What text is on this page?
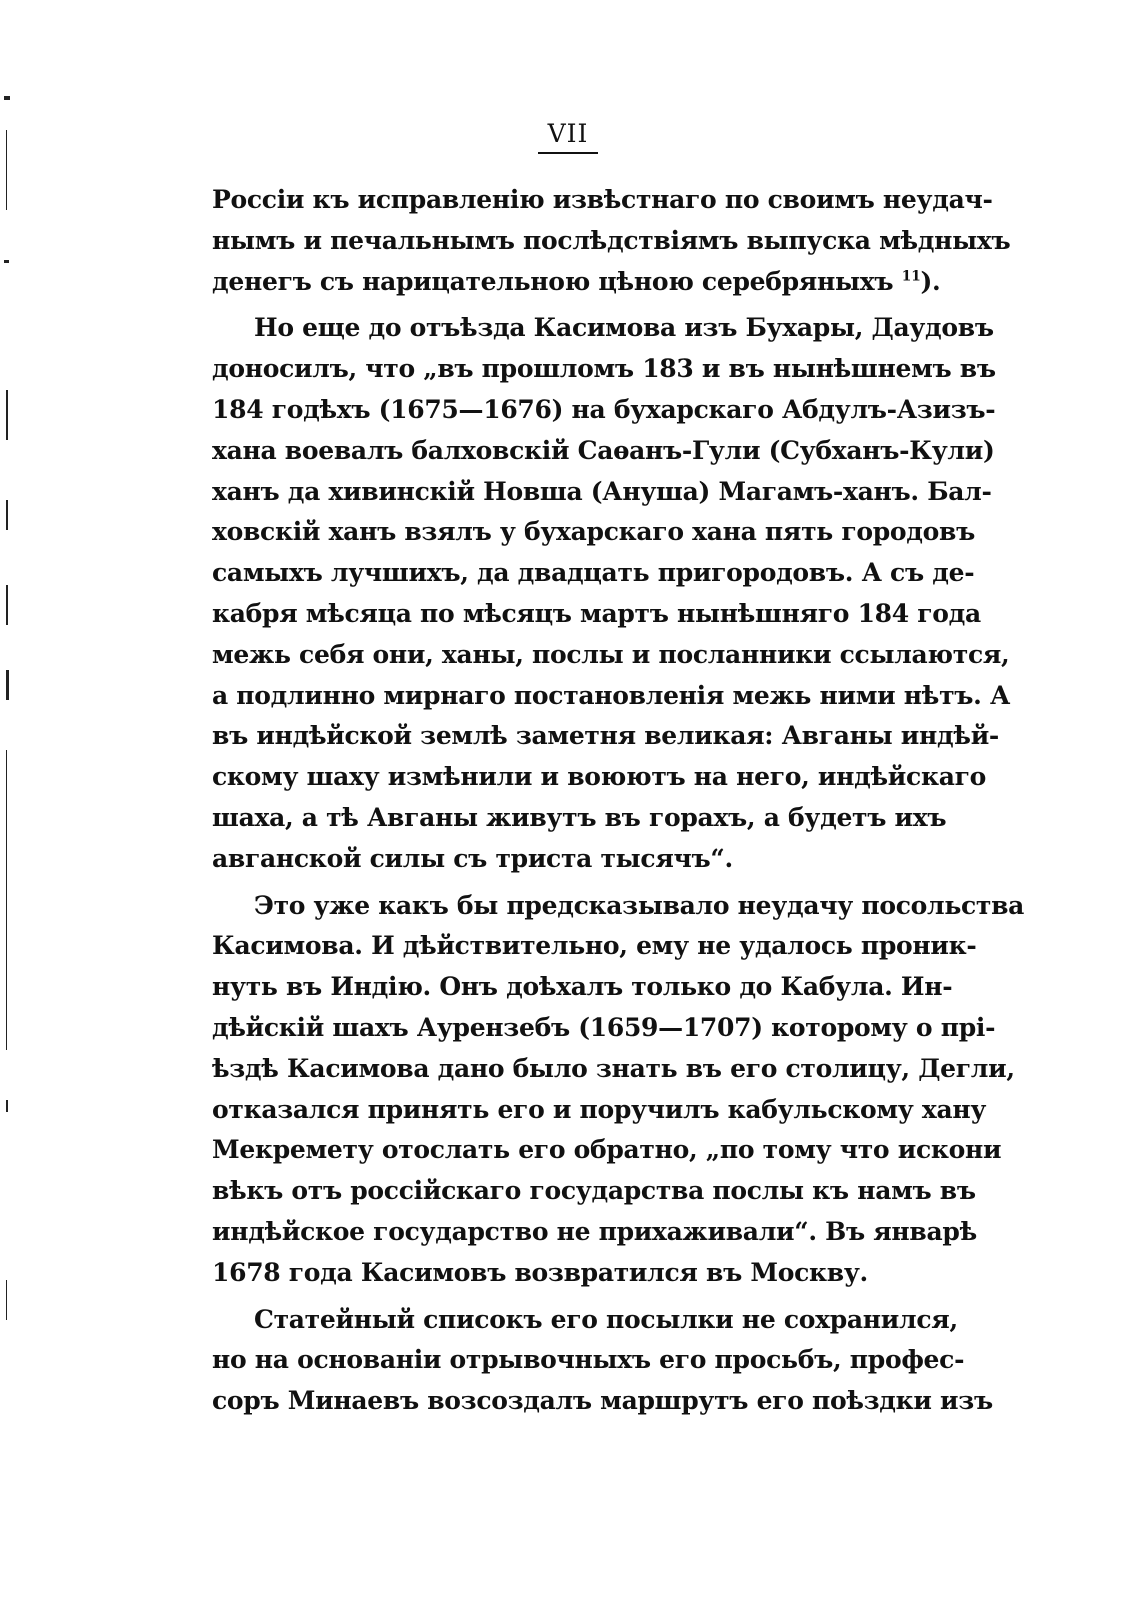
VII
Россіи къ исправленію извѣстнаго по своимъ неудач-
нымъ и печальнымъ послѣдствіямъ выпуска мѣдныхъ
денегъ съ нарицательною цѣною серебряныхъ $^{11}$).
Но еще до отъѣзда Касимова изъ Бухары, Даудовъ
доносилъ, что „въ прошломъ 183 и въ нынѣшнемъ въ
184 годѣхъ (1675—1676) на бухарскаго Абдулъ-Азизъ-
хана воевалъ балховскій Саѳанъ-Гули (Субханъ-Кули)
ханъ да хивинскій Новша (Ануша) Магамъ-ханъ. Бал-
ховскій ханъ взялъ у бухарскаго хана пять городовъ
самыхъ лучшихъ, да двадцать пригородовъ. А съ де-
кабря мѣсяца по мѣсяцъ мартъ нынѣшняго 184 года
межь себя они, ханы, послы и посланники ссылаются,
а подлинно мирнаго постановленія межь ними нѣтъ. А
въ индѣйской землѣ заметня великая: Авганы индѣй-
скому шаху измѣнили и воюютъ на него, индѣйскаго
шаха, а тѣ Авганы живутъ въ горахъ, а будетъ ихъ
авганской силы съ триста тысячъ“.
Это уже какъ бы предсказывало неудачу посольства
Касимова. И дѣйствительно, ему не удалось проник-
нуть въ Индію. Онъ доѣхалъ только до Кабула. Ин-
дѣйскій шахъ Аурензебъ (1659—1707) которому о прі-
ѣздѣ Касимова дано было знать въ его столицу, Дегли,
отказался принять его и поручилъ кабульскому хану
Мекремету отослать его обратно, „по тому что искони
вѣкъ отъ россійскаго государства послы къ намъ въ
индѣйское государство не прихаживали“. Въ январѣ
1678 года Касимовъ возвратился въ Москву.
Статейный списокъ его посылки не сохранился,
но на основаніи отрывочныхъ его просьбъ, профес-
соръ Минаевъ возсоздалъ маршрутъ его поѣздки изъ
